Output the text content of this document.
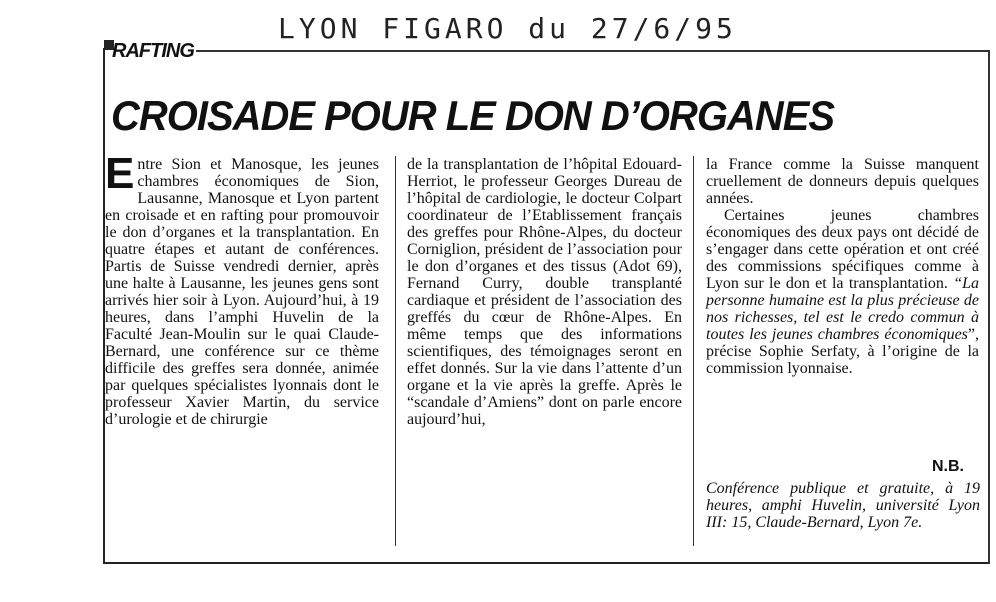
LYON FIGARO du 27/6/95
RAFTING
CROISADE POUR LE DON D’ORGANES

Entre Sion et Manosque, les jeunes chambres économiques de Sion, Lausanne, Manosque et Lyon partent en croisade et en rafting pour promouvoir le don d’organes et la transplantation. En quatre étapes et autant de conférences. Partis de Suisse vendredi dernier, après une halte à Lausanne, les jeunes gens sont arrivés hier soir à Lyon. Aujourd’hui, à 19 heures, dans l’amphi Huvelin de la Faculté Jean-Moulin sur le quai Claude-Bernard, une conférence sur ce thème difficile des greffes sera donnée, animée par quelques spécialistes lyonnais dont le professeur Xavier Martin, du service d’urologie et de chirurgie

de la transplantation de l’hôpital Edouard-Herriot, le professeur Georges Dureau de l’hôpital de cardiologie, le docteur Colpart coordinateur de l’Etablissement français des greffes pour Rhône-Alpes, du docteur Corniglion, président de l’association pour le don d’organes et des tissus (Adot 69), Fernand Curry, double transplanté cardiaque et président de l’association des greffés du cœur de Rhône-Alpes. En même temps que des informations scientifiques, des témoignages seront en effet donnés. Sur la vie dans l’attente d’un organe et la vie après la greffe. Après le “scandale d’Amiens” dont on parle encore aujourd’hui,

la France comme la Suisse manquent cruellement de donneurs depuis quelques années.

Certaines jeunes chambres économiques des deux pays ont décidé de s’engager dans cette opération et ont créé des commissions spécifiques comme à Lyon sur le don et la transplantation. “La personne humaine est la plus précieuse de nos richesses, tel est le credo commun à toutes les jeunes chambres économiques”, précise Sophie Serfaty, à l’origine de la commission lyonnaise.

N.B.
Conférence publique et gratuite, à 19 heures, amphi Huvelin, université Lyon III: 15, Claude-Bernard, Lyon 7e.
